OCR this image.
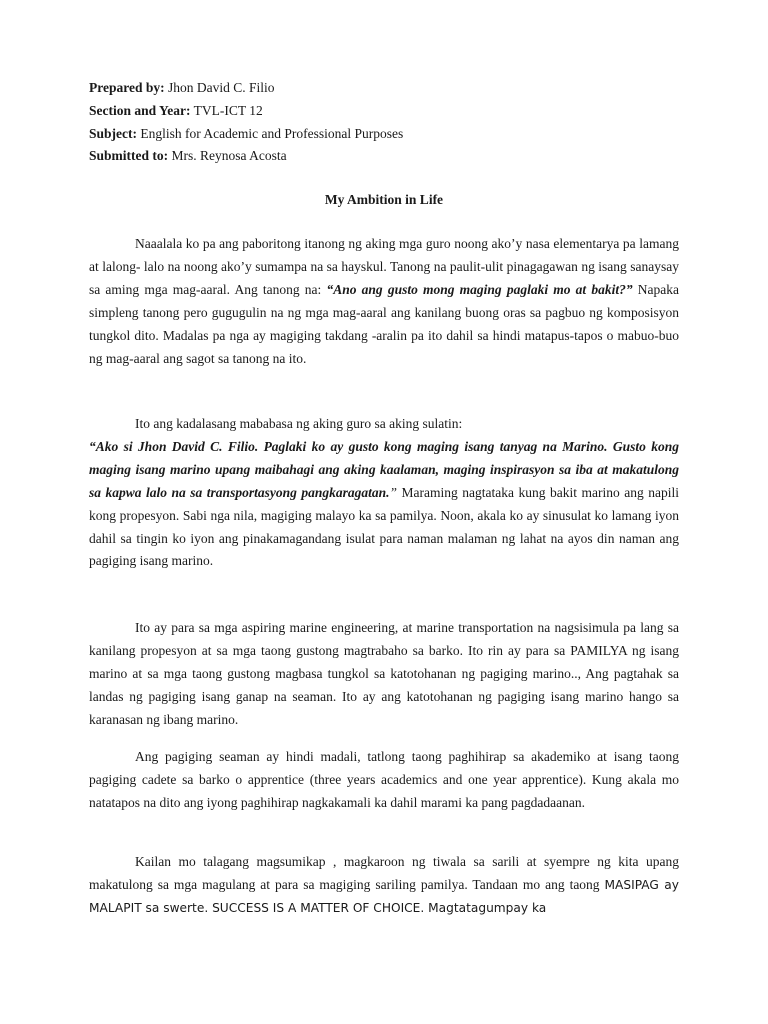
Prepared by: Jhon David C. Filio
Section and Year: TVL-ICT 12
Subject: English for Academic and Professional Purposes
Submitted to: Mrs. Reynosa Acosta
My Ambition in Life

Naaalala ko pa ang paboritong itanong ng aking mga guro noong ako’y nasa elementarya pa lamang at lalong- lalo na noong ako’y sumampa na sa hayskul. Tanong na paulit-ulit pinagagawan ng isang sanaysay sa aming mga mag-aaral. Ang tanong na: “Ano ang gusto mong maging paglaki mo at bakit?” Napaka simpleng tanong pero gugugulin na ng mga mag-aaral ang kanilang buong oras sa pagbuo ng komposisyon tungkol dito. Madalas pa nga ay magiging takdang -aralin pa ito dahil sa hindi matapus-tapos o mabuo-buo ng mag-aaral ang sagot sa tanong na ito.

Ito ang kadalasang mababasa ng aking guro sa aking sulatin:
“Ako si Jhon David C. Filio. Paglaki ko ay gusto kong maging isang tanyag na Marino. Gusto kong maging isang marino upang maibahagi ang aking kaalaman, maging inspirasyon sa iba at makatulong sa kapwa lalo na sa transportasyong pangkaragatan.” Maraming nagtataka kung bakit marino ang napili kong propesyon. Sabi nga nila, magiging malayo ka sa pamilya. Noon, akala ko ay sinusulat ko lamang iyon dahil sa tingin ko iyon ang pinakamagandang isulat para naman malaman ng lahat na ayos din naman ang pagiging isang marino.

Ito ay para sa mga aspiring marine engineering, at marine transportation na nagsisimula pa lang sa kanilang propesyon at sa mga taong gustong magtrabaho sa barko. Ito rin ay para sa PAMILYA ng isang marino at sa mga taong gustong magbasa tungkol sa katotohanan ng pagiging marino.., Ang pagtahak sa landas ng pagiging isang ganap na seaman. Ito ay ang katotohanan ng pagiging isang marino hango sa karanasan ng ibang marino.

Ang pagiging seaman ay hindi madali, tatlong taong paghihirap sa akademiko at isang taong pagiging cadete sa barko o apprentice (three years academics and one year apprentice). Kung akala mo natatapos na dito ang iyong paghihirap nagkakamali ka dahil marami ka pang pagdadaanan.

Kailan mo talagang magsumikap , magkaroon ng tiwala sa sarili at syempre ng kita upang makatulong sa mga magulang at para sa magiging sariling pamilya. Tandaan mo ang taong MASIPAG ay MALAPIT sa swerte. SUCCESS IS A MATTER OF CHOICE. Magtatagumpay ka
